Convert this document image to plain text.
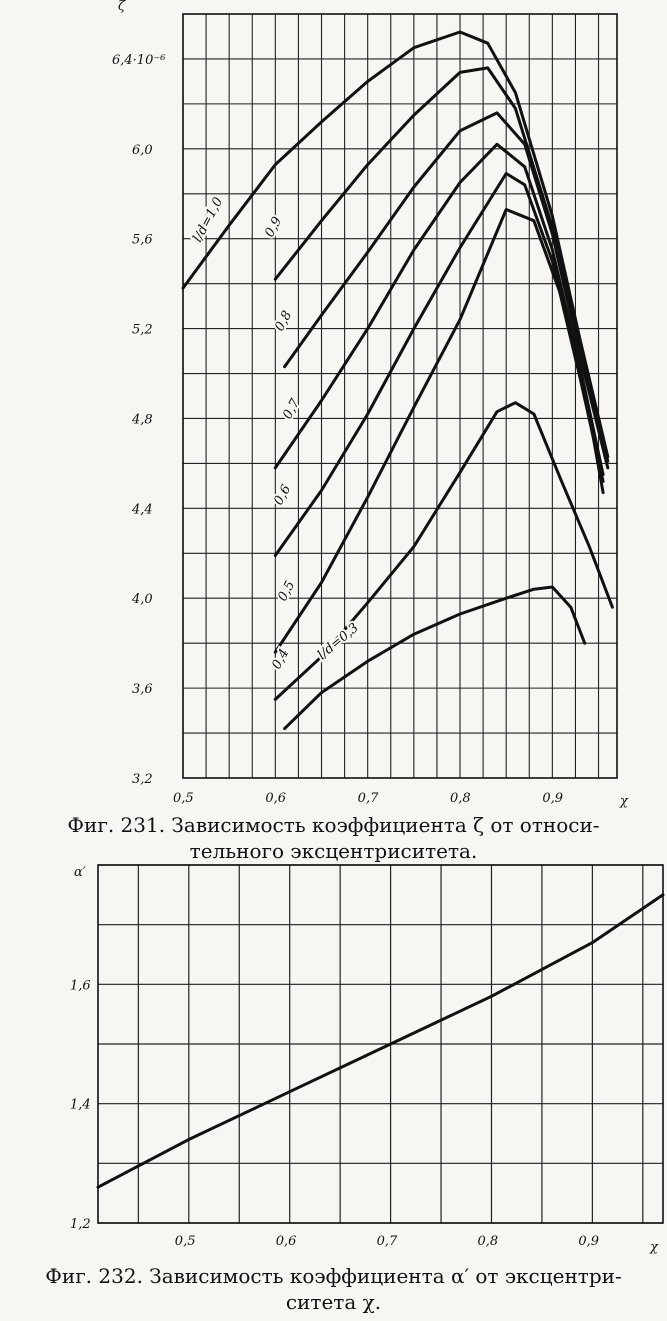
0,5	0,6	0,7	0,8	0,9	χ
3,2
3,6
4,0
4,4
4,8
5,2
5,6
6,0
6,4·10⁻⁶
ζ
l/d=1,0	0,9
0,8
0,7
0,6
0,5
0,4 l/d=0,3
Фиг. 231. Зависимость коэффициента ζ от относи-
тельного эксцентриситета.
0,5	0,6	0,7	0,8	0,9	χ
1,2
1,4
1,6
α′
Фиг. 232. Зависимость коэффициента α′ от эксцентри-
ситета χ.
